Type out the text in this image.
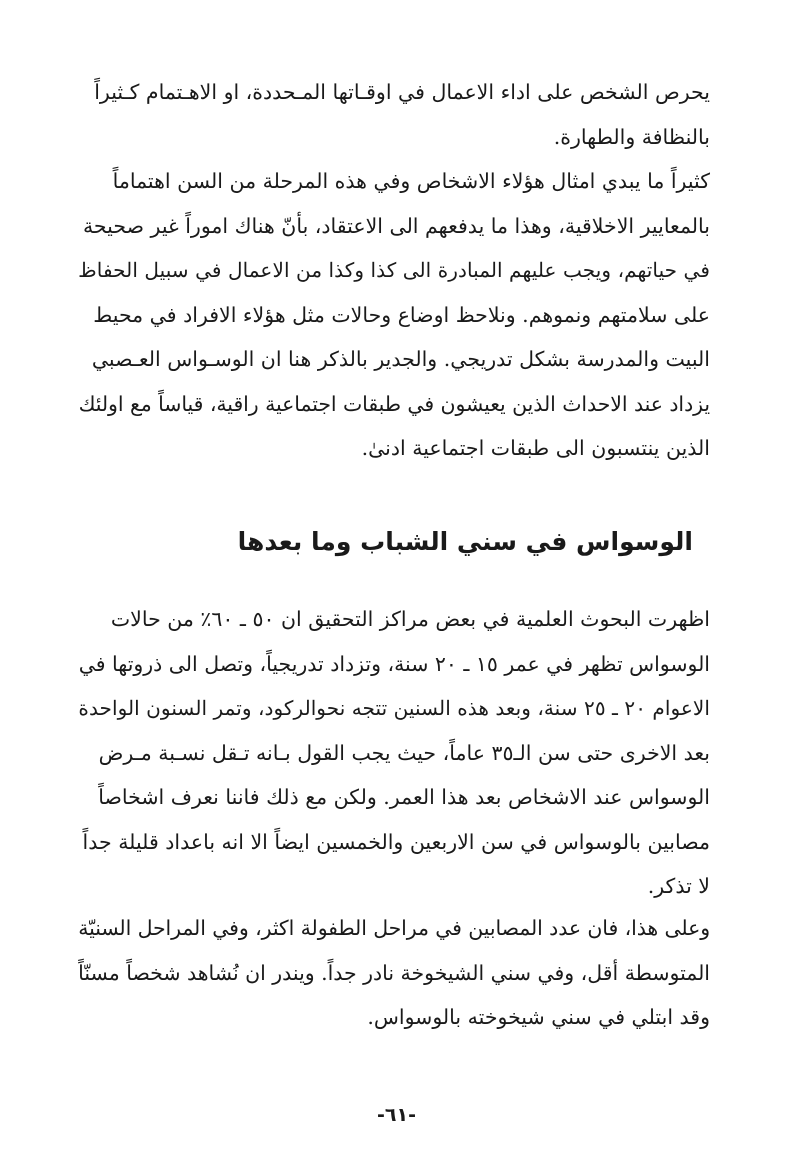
يحرص الشخص على اداء الاعمال في اوقـاتها المـحددة، او الاهـتمام كـثيراً
بالنظافة والطهارة.
كثيراً ما يبدي امثال هؤلاء الاشخاص وفي هذه المرحلة من السن اهتماماً
بالمعايير الاخلاقية، وهذا ما يدفعهم الى الاعتقاد، بأنّ هناك اموراً غير صحيحة
في حياتهم، ويجب عليهم المبادرة الى كذا وكذا من الاعمال في سبيل الحفاظ
على سلامتهم ونموهم. ونلاحظ اوضاع وحالات مثل هؤلاء الافراد في محيط
البيت والمدرسة بشكل تدريجي. والجدير بالذكر هنا ان الوسـواس العـصبي
يزداد عند الاحداث الذين يعيشون في طبقات اجتماعية راقية، قياساً مع اولئك
الذين ينتسبون الى طبقات اجتماعية ادنىٰ.
الوسواس في سني الشباب وما بعدها
اظهرت البحوث العلمية في بعض مراكز التحقيق ان ٥٠ ـ ٦٠٪ من حالات
الوسواس تظهر في عمر ١٥ ـ ٢٠ سنة، وتزداد تدريجياً، وتصل الى ذروتها في
الاعوام ٢٠ ـ ٢٥ سنة، وبعد هذه السنين تتجه نحوالركود، وتمر السنون الواحدة
بعد الاخرى حتى سن الـ٣٥ عاماً، حيث يجب القول بـانه تـقل نسـبة مـرض
الوسواس عند الاشخاص بعد هذا العمر. ولكن مع ذلك فاننا نعرف اشخاصاً
مصابين بالوسواس في سن الاربعين والخمسين ايضاً الا انه باعداد قليلة جداً
لا تذكر.
وعلى هذا، فان عدد المصابين في مراحل الطفولة اكثر، وفي المراحل السنيّة
المتوسطة أقل، وفي سني الشيخوخة نادر جداً. ويندر ان نُشاهد شخصاً مسنّاً
وقد ابتلي في سني شيخوخته بالوسواس.
-٦١-
